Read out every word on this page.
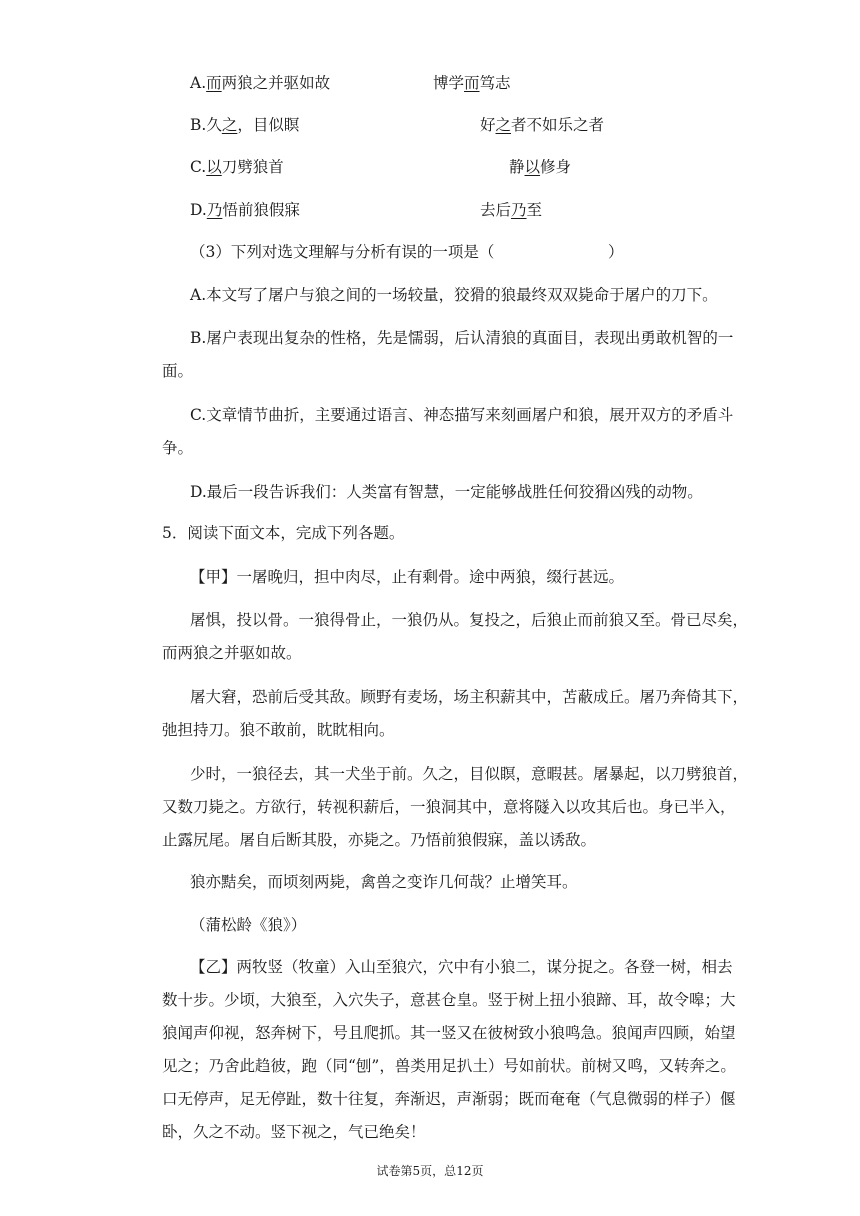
A.而两狼之并驱如故	博学而笃志
B.久之，目似瞑	好之者不如乐之者
C.以刀劈狼首	静以修身
D.乃悟前狼假寐	去后乃至
（3）下列对选文理解与分析有误的一项是（	）
A.本文写了屠户与狼之间的一场较量，狡猾的狼最终双双毙命于屠户的刀下。
B.屠户表现出复杂的性格，先是懦弱，后认清狼的真面目，表现出勇敢机智的一
面。
C.文章情节曲折，主要通过语言、神态描写来刻画屠户和狼，展开双方的矛盾斗
争。
D.最后一段告诉我们：人类富有智慧，一定能够战胜任何狡猾凶残的动物。
5．阅读下面文本，完成下列各题。
【甲】一屠晚归，担中肉尽，止有剩骨。途中两狼，缀行甚远。
屠惧，投以骨。一狼得骨止，一狼仍从。复投之，后狼止而前狼又至。骨已尽矣，
而两狼之并驱如故。
屠大窘，恐前后受其敌。顾野有麦场，场主积薪其中，苫蔽成丘。屠乃奔倚其下，
弛担持刀。狼不敢前，眈眈相向。
少时，一狼径去，其一犬坐于前。久之，目似瞑，意暇甚。屠暴起，以刀劈狼首，
又数刀毙之。方欲行，转视积薪后，一狼洞其中，意将隧入以攻其后也。身已半入，
止露尻尾。屠自后断其股，亦毙之。乃悟前狼假寐，盖以诱敌。
狼亦黠矣，而顷刻两毙，禽兽之变诈几何哉？止增笑耳。
（蒲松龄《狼》）
【乙】两牧竖（牧童）入山至狼穴，穴中有小狼二，谋分捉之。各登一树，相去
数十步。少顷，大狼至，入穴失子，意甚仓皇。竖于树上扭小狼蹄、耳，故令嗥；大
狼闻声仰视，怒奔树下，号且爬抓。其一竖又在彼树致小狼鸣急。狼闻声四顾，始望
见之；乃舍此趋彼，跑（同“刨”，兽类用足扒土）号如前状。前树又鸣，又转奔之。
口无停声，足无停趾，数十往复，奔渐迟，声渐弱；既而奄奄（气息微弱的样子）偃
卧，久之不动。竖下视之，气已绝矣！
试卷第5页，总12页
